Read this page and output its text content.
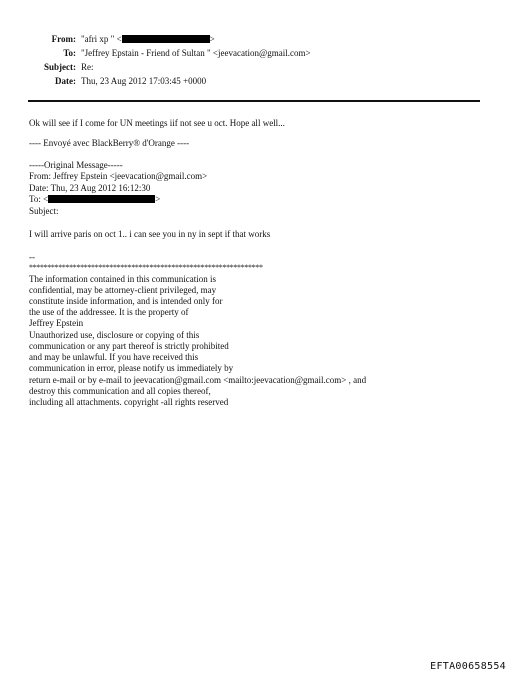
From: "afri xp " <	>
To: "Jeffrey Epstain - Friend of Sultan " <jeevacation@gmail.com>
Subject: Re:
Date: Thu, 23 Aug 2012 17:03:45 +0000
Ok will see if I come for UN meetings iif not see u oct. Hope all well...
---- Envoyé avec BlackBerry® d'Orange ----
-----Original Message-----
From: Jeffrey Epstein <jeevacation@gmail.com>
Date: Thu, 23 Aug 2012 16:12:30
To: <	>
Subject:
I will arrive paris on oct 1.. i can see you in ny in sept if that works
--
****************************************************************
The information contained in this communication is
confidential, may be attorney-client privileged, may
constitute inside information, and is intended only for
the use of the addressee. It is the property of
Jeffrey Epstein
Unauthorized use, disclosure or copying of this
communication or any part thereof is strictly prohibited
and may be unlawful. If you have received this
communication in error, please notify us immediately by
return e-mail or by e-mail to jeevacation@gmail.com <mailto:jeevacation@gmail.com> , and
destroy this communication and all copies thereof,
including all attachments. copyright -all rights reserved
EFTA00658554
